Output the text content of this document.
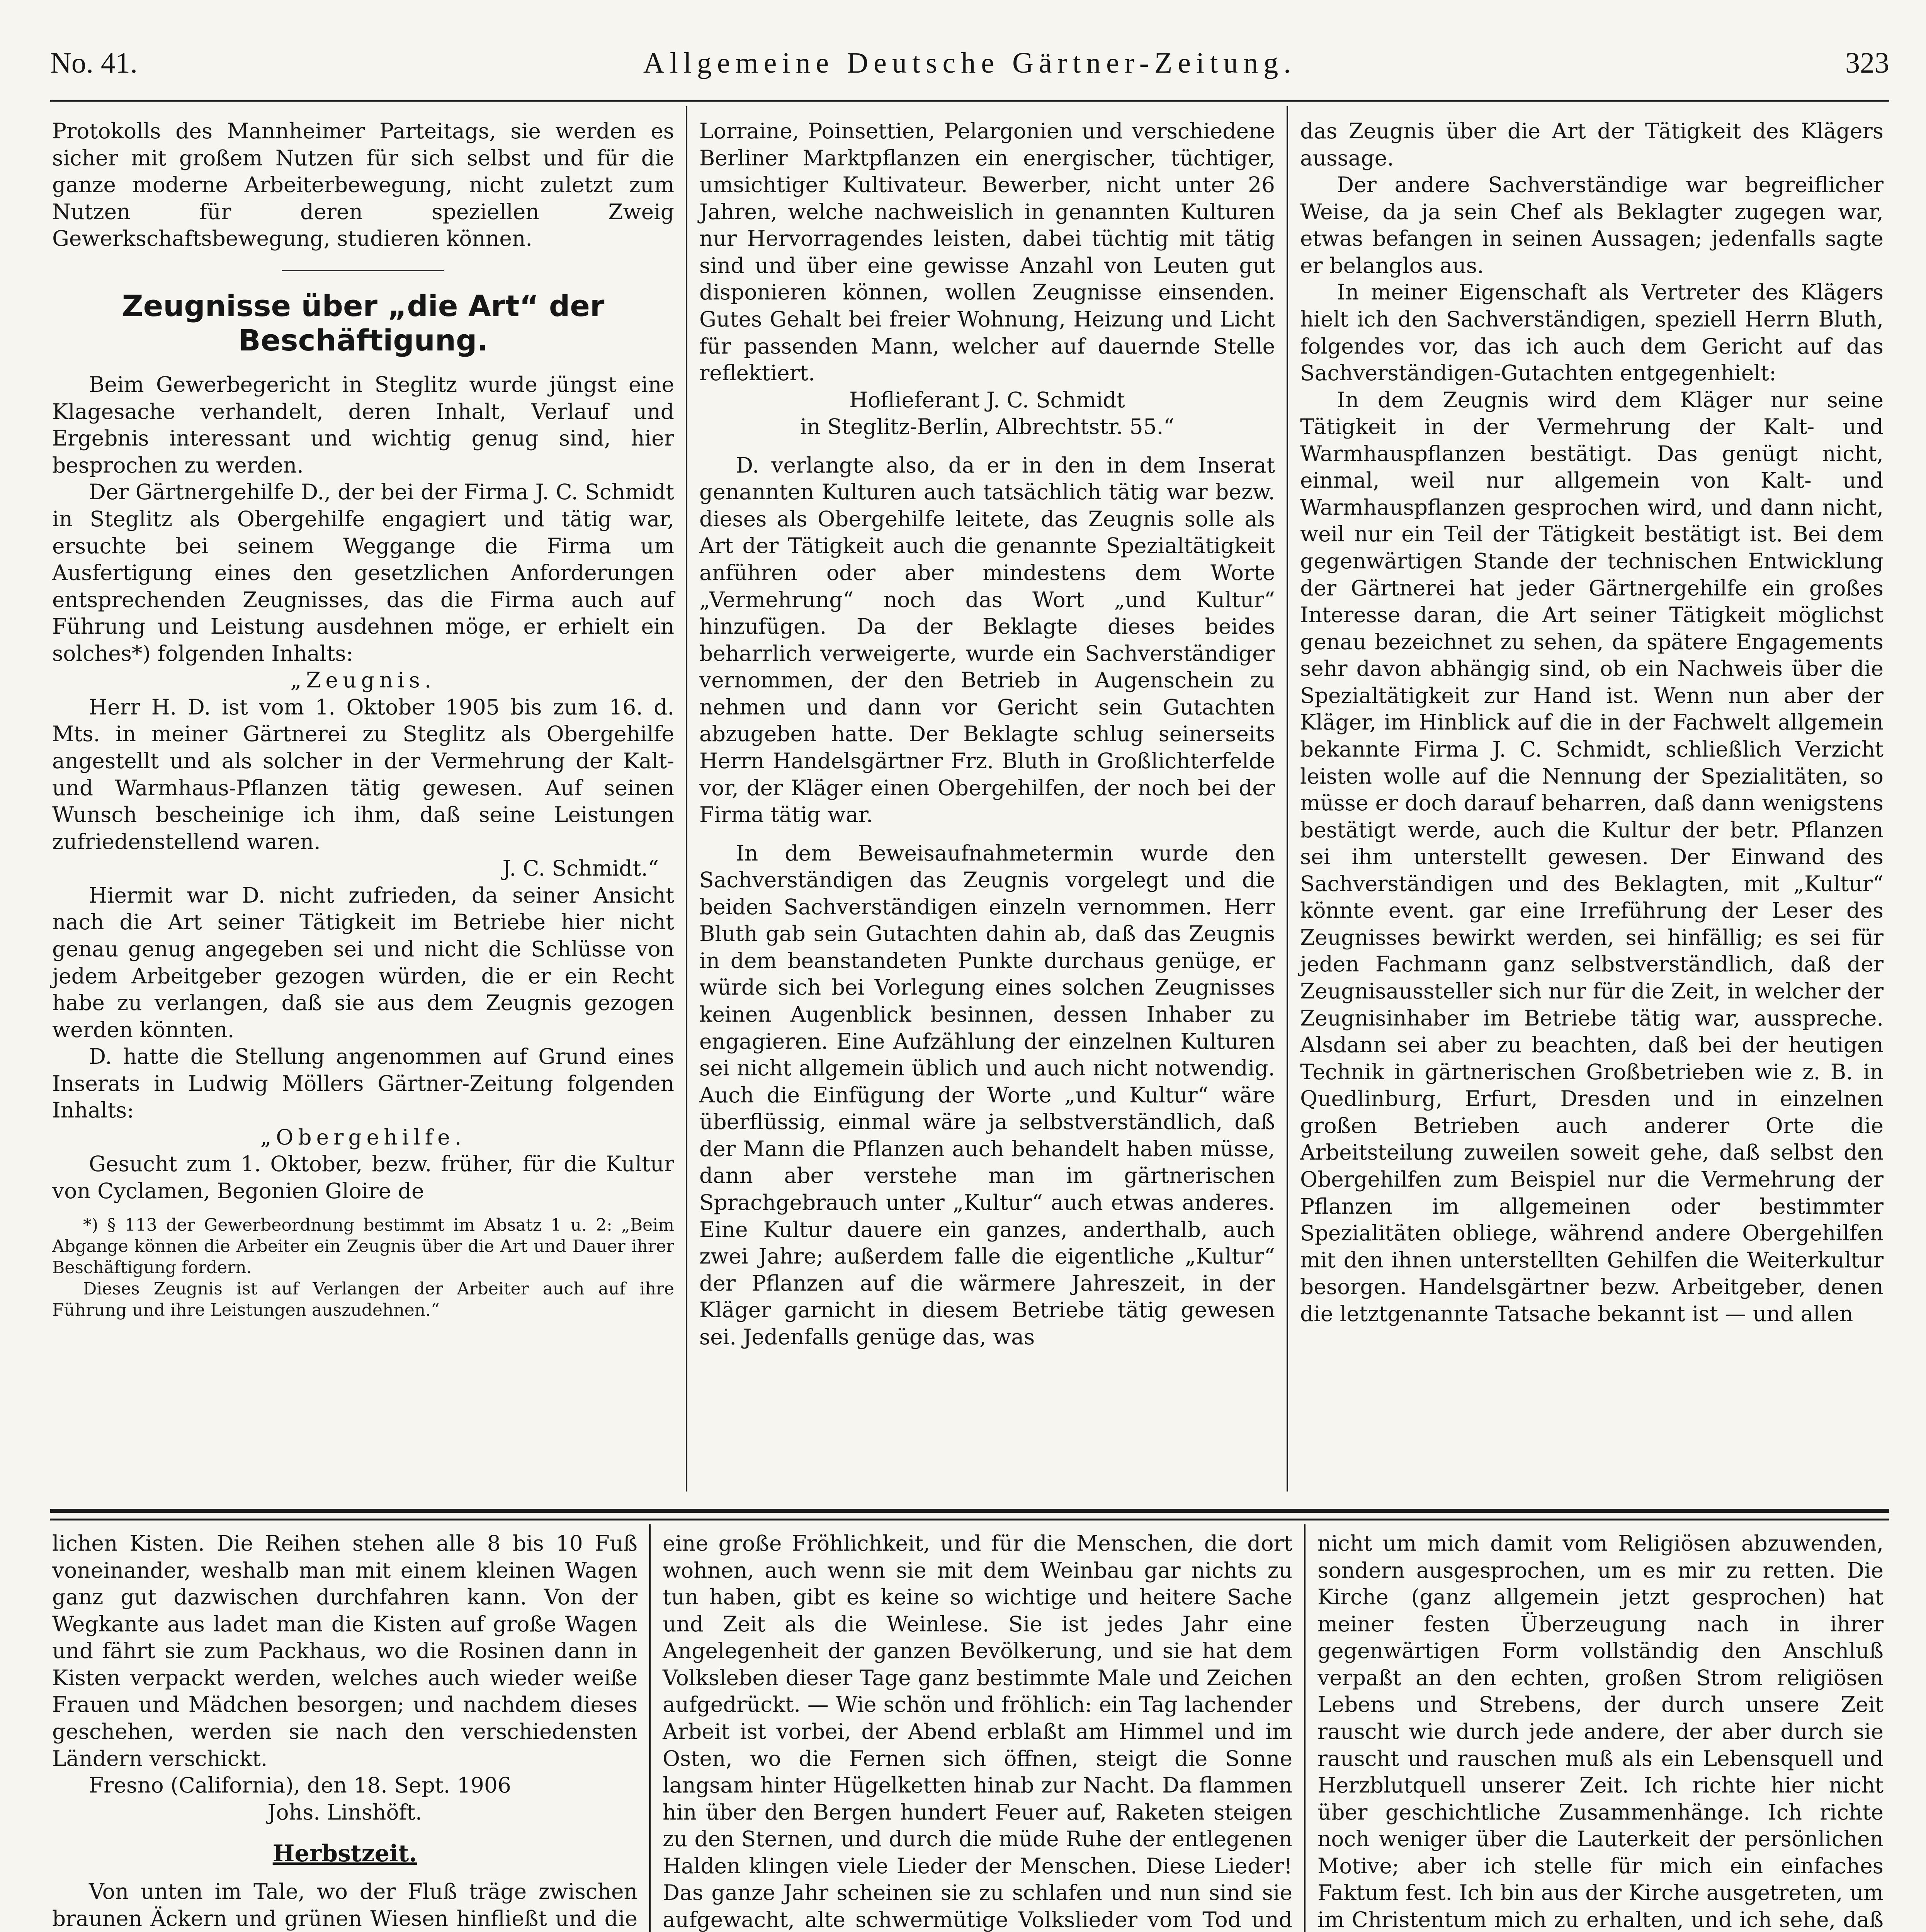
No. 41.	Allgemeine Deutsche Gärtner-Zeitung.	323

Protokolls des Mannheimer Parteitags, sie werden es sicher mit großem Nutzen für sich selbst und für die ganze moderne Arbeiterbewegung, nicht zuletzt zum Nutzen für deren speziellen Zweig Gewerkschaftsbewegung, studieren können.

Zeugnisse über „die Art“ der Beschäftigung.

Beim Gewerbegericht in Steglitz wurde jüngst eine Klagesache verhandelt, deren Inhalt, Verlauf und Ergebnis interessant und wichtig genug sind, hier besprochen zu werden.

Der Gärtnergehilfe D., der bei der Firma J. C. Schmidt in Steglitz als Obergehilfe engagiert und tätig war, ersuchte bei seinem Weggange die Firma um Ausfertigung eines den gesetzlichen Anforderungen entsprechenden Zeugnisses, das die Firma auch auf Führung und Leistung ausdehnen möge, er erhielt ein solches*) folgenden Inhalts:

„Zeugnis.

Herr H. D. ist vom 1. Oktober 1905 bis zum 16. d. Mts. in meiner Gärtnerei zu Steglitz als Obergehilfe angestellt und als solcher in der Vermehrung der Kalt- und Warmhaus-Pflanzen tätig gewesen. Auf seinen Wunsch bescheinige ich ihm, daß seine Leistungen zufriedenstellend waren.

J. C. Schmidt.“

Hiermit war D. nicht zufrieden, da seiner Ansicht nach die Art seiner Tätigkeit im Betriebe hier nicht genau genug angegeben sei und nicht die Schlüsse von jedem Arbeitgeber gezogen würden, die er ein Recht habe zu verlangen, daß sie aus dem Zeugnis gezogen werden könnten.

D. hatte die Stellung angenommen auf Grund eines Inserats in Ludwig Möllers Gärtner-Zeitung folgenden Inhalts:

„Obergehilfe.

Gesucht zum 1. Oktober, bezw. früher, für die Kultur von Cyclamen, Begonien Gloire de

*) § 113 der Gewerbeordnung bestimmt im Absatz 1 u. 2: „Beim Abgange können die Arbeiter ein Zeugnis über die Art und Dauer ihrer Beschäftigung fordern.

Dieses Zeugnis ist auf Verlangen der Arbeiter auch auf ihre Führung und ihre Leistungen auszudehnen.“

Lorraine, Poinsettien, Pelargonien und verschiedene Berliner Marktpflanzen ein energischer, tüchtiger, umsichtiger Kultivateur. Bewerber, nicht unter 26 Jahren, welche nachweislich in genannten Kulturen nur Hervorragendes leisten, dabei tüchtig mit tätig sind und über eine gewisse Anzahl von Leuten gut disponieren können, wollen Zeugnisse einsenden. Gutes Gehalt bei freier Wohnung, Heizung und Licht für passenden Mann, welcher auf dauernde Stelle reflektiert.

Hoflieferant J. C. Schmidt

in Steglitz-Berlin, Albrechtstr. 55.“

D. verlangte also, da er in den in dem Inserat genannten Kulturen auch tatsächlich tätig war bezw. dieses als Obergehilfe leitete, das Zeugnis solle als Art der Tätigkeit auch die genannte Spezialtätigkeit anführen oder aber mindestens dem Worte „Vermehrung“ noch das Wort „und Kultur“ hinzufügen. Da der Beklagte dieses beides beharrlich verweigerte, wurde ein Sachverständiger vernommen, der den Betrieb in Augenschein zu nehmen und dann vor Gericht sein Gutachten abzugeben hatte. Der Beklagte schlug seinerseits Herrn Handelsgärtner Frz. Bluth in Großlichterfelde vor, der Kläger einen Obergehilfen, der noch bei der Firma tätig war.

In dem Beweisaufnahmetermin wurde den Sachverständigen das Zeugnis vorgelegt und die beiden Sachverständigen einzeln vernommen. Herr Bluth gab sein Gutachten dahin ab, daß das Zeugnis in dem beanstandeten Punkte durchaus genüge, er würde sich bei Vorlegung eines solchen Zeugnisses keinen Augenblick besinnen, dessen Inhaber zu engagieren. Eine Aufzählung der einzelnen Kulturen sei nicht allgemein üblich und auch nicht notwendig. Auch die Einfügung der Worte „und Kultur“ wäre überflüssig, einmal wäre ja selbstverständlich, daß der Mann die Pflanzen auch behandelt haben müsse, dann aber verstehe man im gärtnerischen Sprachgebrauch unter „Kultur“ auch etwas anderes. Eine Kultur dauere ein ganzes, anderthalb, auch zwei Jahre; außerdem falle die eigentliche „Kultur“ der Pflanzen auf die wärmere Jahreszeit, in der Kläger garnicht in diesem Betriebe tätig gewesen sei. Jedenfalls genüge das, was

das Zeugnis über die Art der Tätigkeit des Klägers aussage.

Der andere Sachverständige war begreiflicher Weise, da ja sein Chef als Beklagter zugegen war, etwas befangen in seinen Aussagen; jedenfalls sagte er belanglos aus.

In meiner Eigenschaft als Vertreter des Klägers hielt ich den Sachverständigen, speziell Herrn Bluth, folgendes vor, das ich auch dem Gericht auf das Sachverständigen-Gutachten entgegenhielt:

In dem Zeugnis wird dem Kläger nur seine Tätigkeit in der Vermehrung der Kalt- und Warmhauspflanzen bestätigt. Das genügt nicht, einmal, weil nur allgemein von Kalt- und Warmhauspflanzen gesprochen wird, und dann nicht, weil nur ein Teil der Tätigkeit bestätigt ist. Bei dem gegenwärtigen Stande der technischen Entwicklung der Gärtnerei hat jeder Gärtnergehilfe ein großes Interesse daran, die Art seiner Tätigkeit möglichst genau bezeichnet zu sehen, da spätere Engagements sehr davon abhängig sind, ob ein Nachweis über die Spezialtätigkeit zur Hand ist. Wenn nun aber der Kläger, im Hinblick auf die in der Fachwelt allgemein bekannte Firma J. C. Schmidt, schließlich Verzicht leisten wolle auf die Nennung der Spezialitäten, so müsse er doch darauf beharren, daß dann wenigstens bestätigt werde, auch die Kultur der betr. Pflanzen sei ihm unterstellt gewesen. Der Einwand des Sachverständigen und des Beklagten, mit „Kultur“ könnte event. gar eine Irreführung der Leser des Zeugnisses bewirkt werden, sei hinfällig; es sei für jeden Fachmann ganz selbstverständlich, daß der Zeugnisaussteller sich nur für die Zeit, in welcher der Zeugnisinhaber im Betriebe tätig war, ausspreche. Alsdann sei aber zu beachten, daß bei der heutigen Technik in gärtnerischen Großbetrieben wie z. B. in Quedlinburg, Erfurt, Dresden und in einzelnen großen Betrieben auch anderer Orte die Arbeitsteilung zuweilen soweit gehe, daß selbst den Obergehilfen zum Beispiel nur die Vermehrung der Pflanzen im allgemeinen oder bestimmter Spezialitäten obliege, während andere Obergehilfen mit den ihnen unterstellten Gehilfen die Weiterkultur besorgen. Handelsgärtner bezw. Arbeitgeber, denen die letztgenannte Tatsache bekannt ist — und allen

lichen Kisten. Die Reihen stehen alle 8 bis 10 Fuß voneinander, weshalb man mit einem kleinen Wagen ganz gut dazwischen durchfahren kann. Von der Wegkante aus ladet man die Kisten auf große Wagen und fährt sie zum Packhaus, wo die Rosinen dann in Kisten verpackt werden, welches auch wieder weiße Frauen und Mädchen besorgen; und nachdem dieses geschehen, werden sie nach den verschiedensten Ländern verschickt.

Fresno (California), den 18. Sept. 1906

Johs. Linshöft.

Herbstzeit.

Von unten im Tale, wo der Fluß träge zwischen braunen Äckern und grünen Wiesen hinfließt und die

eine große Fröhlichkeit, und für die Menschen, die dort wohnen, auch wenn sie mit dem Weinbau gar nichts zu tun haben, gibt es keine so wichtige und heitere Sache und Zeit als die Weinlese. Sie ist jedes Jahr eine Angelegenheit der ganzen Bevölkerung, und sie hat dem Volksleben dieser Tage ganz bestimmte Male und Zeichen aufgedrückt. — Wie schön und fröhlich: ein Tag lachender Arbeit ist vorbei, der Abend erblaßt am Himmel und im Osten, wo die Fernen sich öffnen, steigt die Sonne langsam hinter Hügelketten hinab zur Nacht. Da flammen hin über den Bergen hundert Feuer auf, Raketen steigen zu den Sternen, und durch die müde Ruhe der entlegenen Halden klingen viele Lieder der Menschen. Diese Lieder! Das ganze Jahr scheinen sie zu schlafen und nun sind sie aufgewacht, alte schwermütige Volkslieder vom Tod und

nicht um mich damit vom Religiösen abzuwenden, sondern ausgesprochen, um es mir zu retten. Die Kirche (ganz allgemein jetzt gesprochen) hat meiner festen Überzeugung nach in ihrer gegenwärtigen Form vollständig den Anschluß verpaßt an den echten, großen Strom religiösen Lebens und Strebens, der durch unsere Zeit rauscht wie durch jede andere, der aber durch sie rauscht und rauschen muß als ein Lebensquell und Herzblutquell unserer Zeit. Ich richte hier nicht über geschichtliche Zusammenhänge. Ich richte noch weniger über die Lauterkeit der persönlichen Motive; aber ich stelle für mich ein einfaches Faktum fest. Ich bin aus der Kirche ausgetreten, um im Christentum mich zu erhalten, und ich sehe, daß
